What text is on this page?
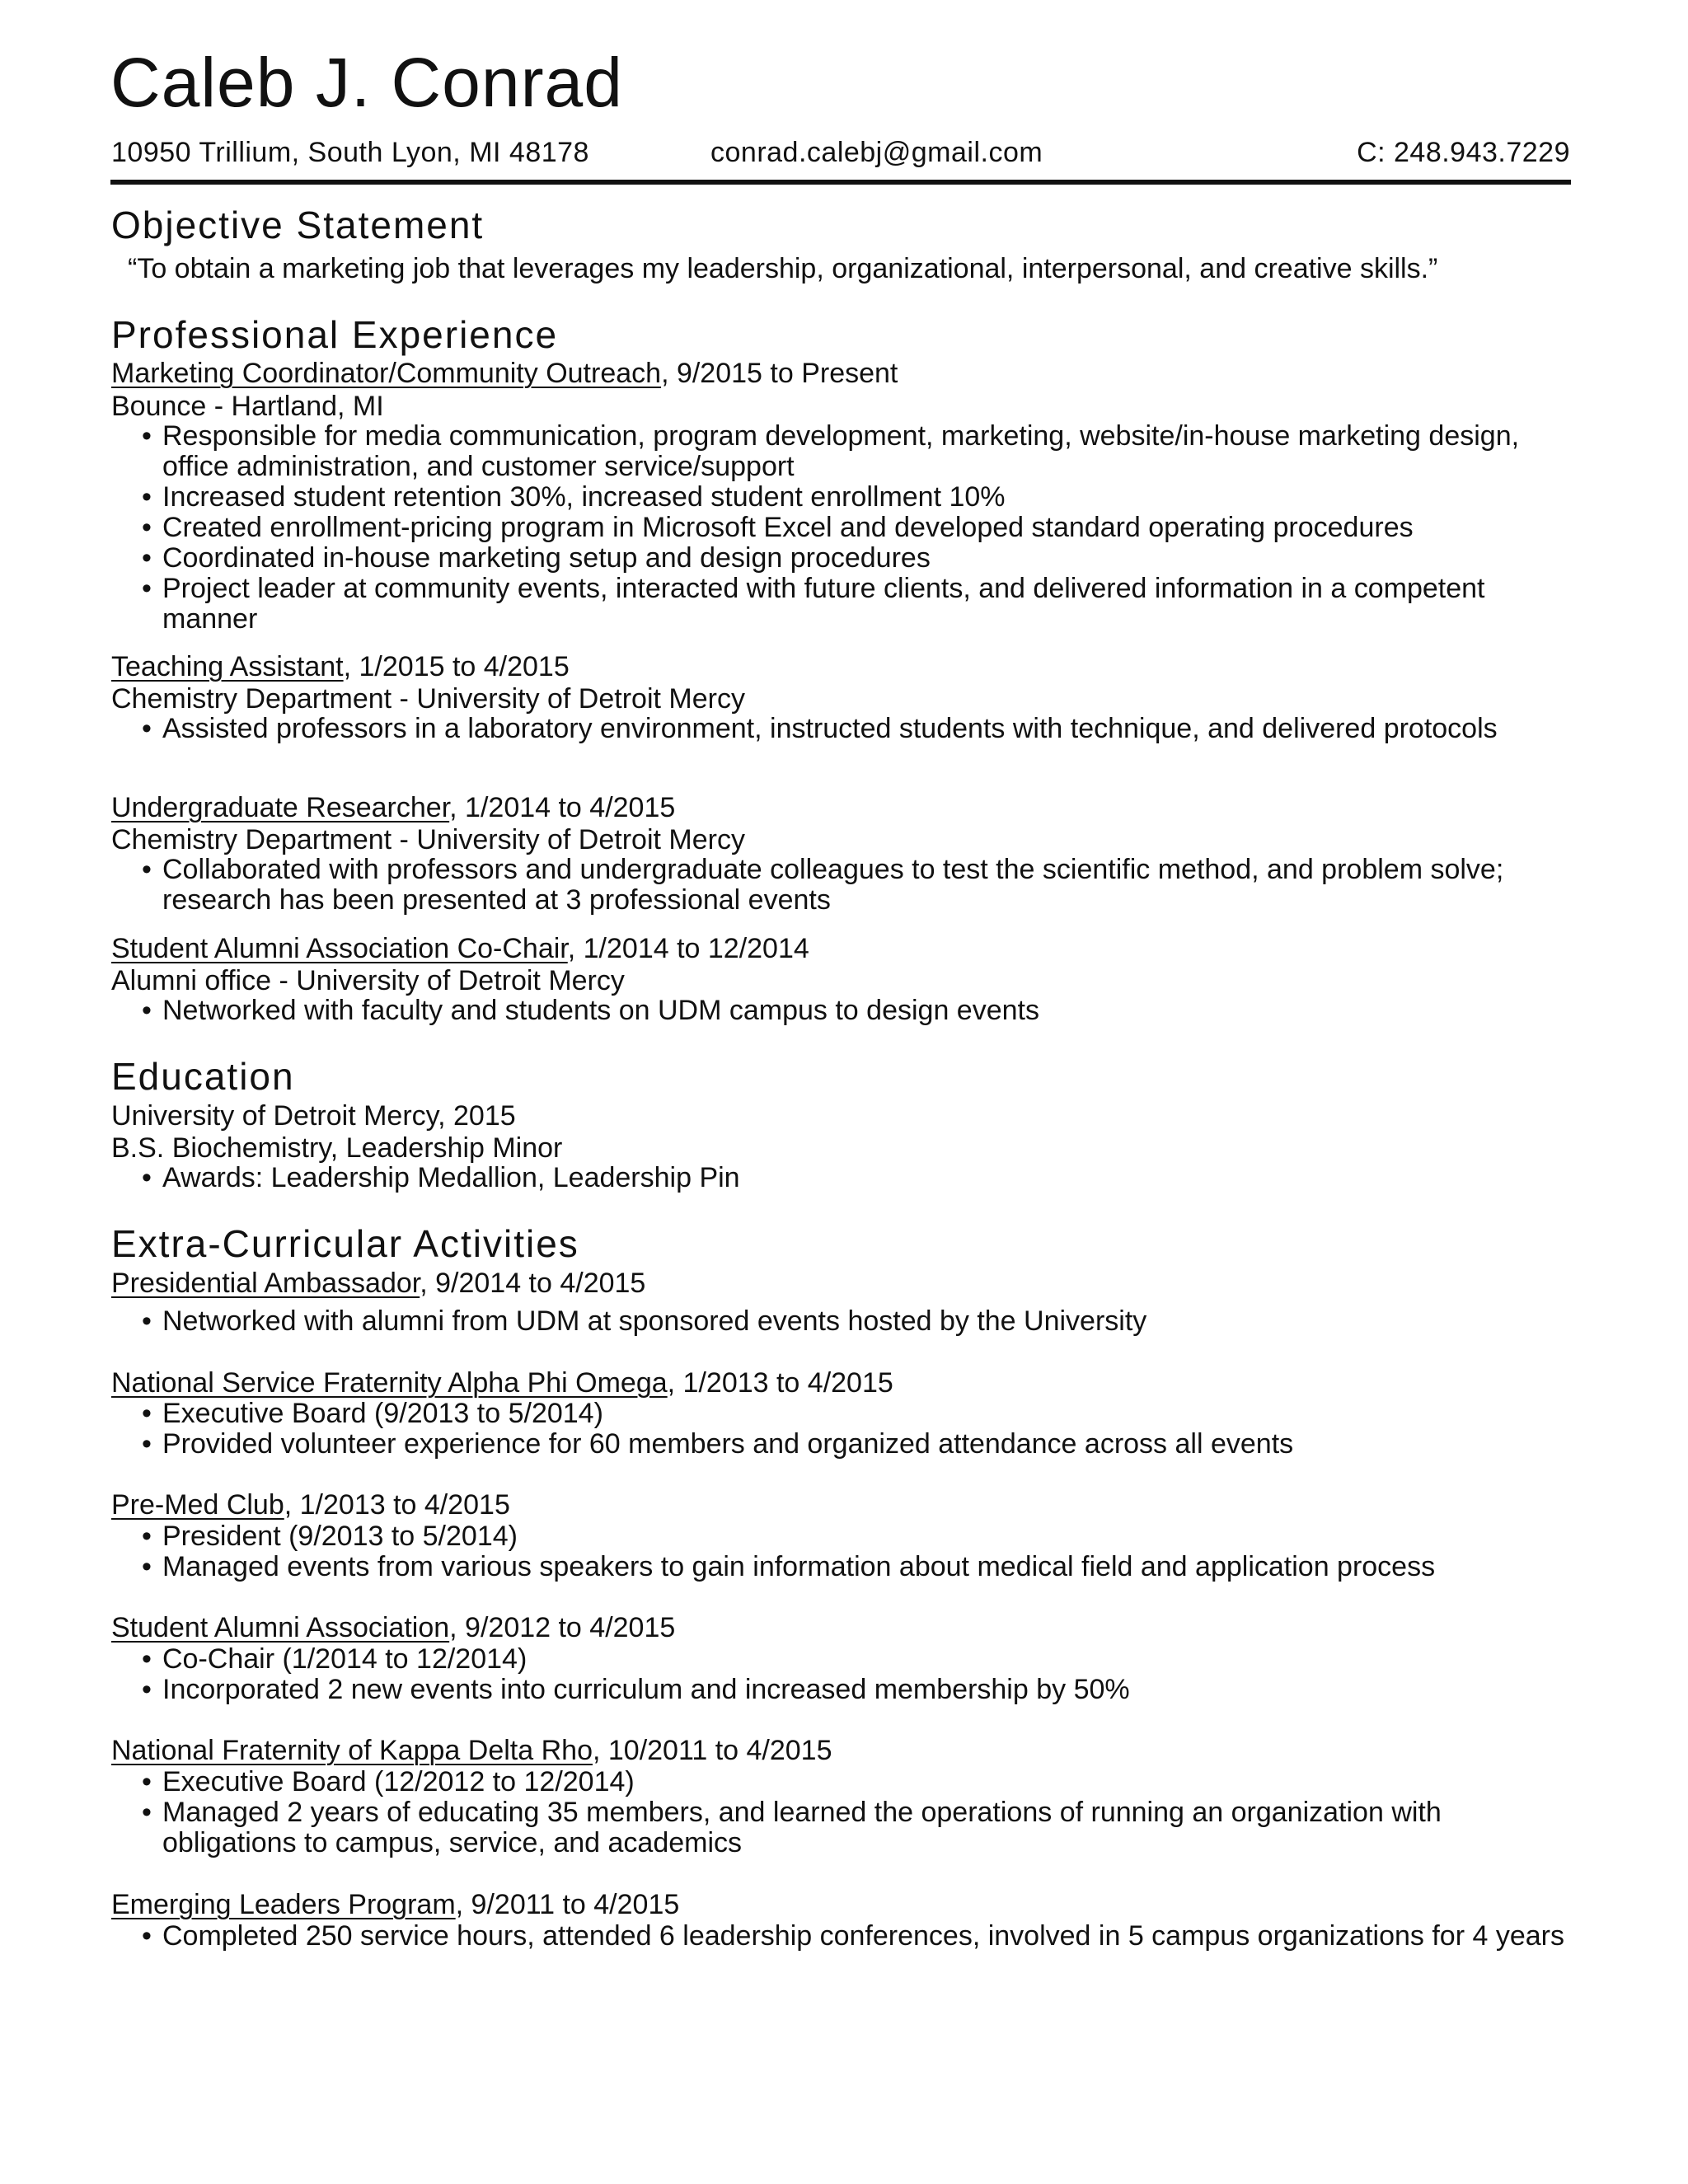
Caleb J. Conrad
10950 Trillium, South Lyon, MI 48178	conrad.calebj@gmail.com	C: 248.943.7229
Objective Statement

“To obtain a marketing job that leverages my leadership, organizational, interpersonal, and creative skills.”

Professional Experience

Marketing Coordinator/Community Outreach, 9/2015 to Present

Bounce - Hartland, MI

• Responsible for media communication, program development, marketing, website/in-house marketing design, office administration, and customer service/support
• Increased student retention 30%, increased student enrollment 10%
• Created enrollment-pricing program in Microsoft Excel and developed standard operating procedures
• Coordinated in-house marketing setup and design procedures
• Project leader at community events, interacted with future clients, and delivered information in a competent manner

Teaching Assistant, 1/2015 to 4/2015

Chemistry Department - University of Detroit Mercy

• Assisted professors in a laboratory environment, instructed students with technique, and delivered protocols

Undergraduate Researcher, 1/2014 to 4/2015

Chemistry Department - University of Detroit Mercy

• Collaborated with professors and undergraduate colleagues to test the scientific method, and problem solve; research has been presented at 3 professional events

Student Alumni Association Co-Chair, 1/2014 to 12/2014

Alumni office - University of Detroit Mercy

• Networked with faculty and students on UDM campus to design events
Education

University of Detroit Mercy, 2015

B.S. Biochemistry, Leadership Minor

• Awards: Leadership Medallion, Leadership Pin
Extra-Curricular Activities

Presidential Ambassador, 9/2014 to 4/2015

• Networked with alumni from UDM at sponsored events hosted by the University

National Service Fraternity Alpha Phi Omega, 1/2013 to 4/2015

• Executive Board (9/2013 to 5/2014)
• Provided volunteer experience for 60 members and organized attendance across all events

Pre-Med Club, 1/2013 to 4/2015

• President (9/2013 to 5/2014)
• Managed events from various speakers to gain information about medical field and application process

Student Alumni Association, 9/2012 to 4/2015

• Co-Chair (1/2014 to 12/2014)
• Incorporated 2 new events into curriculum and increased membership by 50%

National Fraternity of Kappa Delta Rho, 10/2011 to 4/2015

• Executive Board (12/2012 to 12/2014)
• Managed 2 years of educating 35 members, and learned the operations of running an organization with obligations to campus, service, and academics

Emerging Leaders Program, 9/2011 to 4/2015

• Completed 250 service hours, attended 6 leadership conferences, involved in 5 campus organizations for 4 years
